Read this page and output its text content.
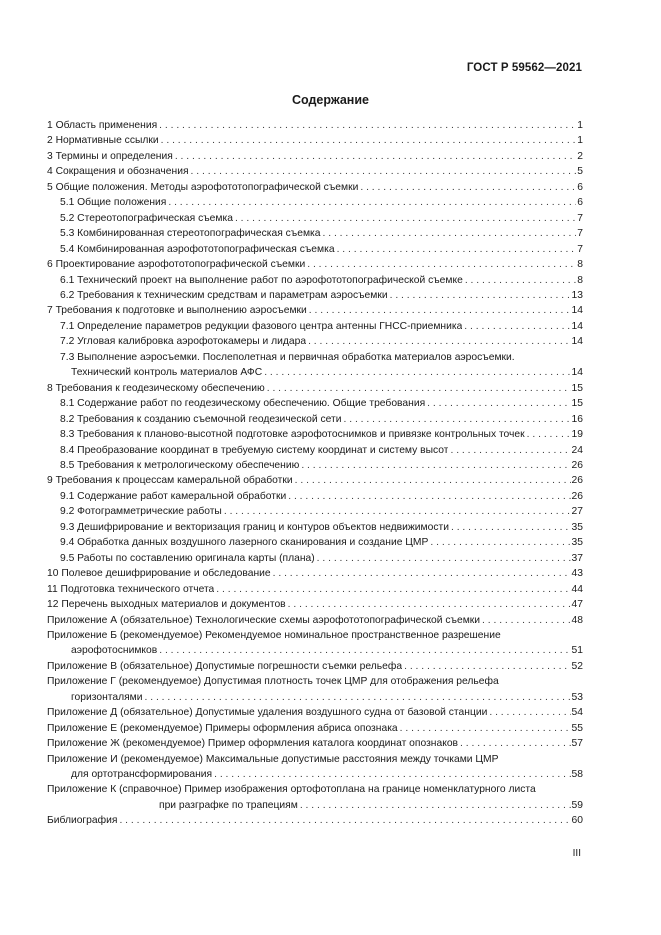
ГОСТ Р 59562—2021
Содержание
1 Область применения . . .	1
2 Нормативные ссылки . . .	1
3 Термины и определения . . .	2
4 Сокращения и обозначения . . .	5
5 Общие положения. Методы аэрофототопографической съемки . . .	6
5.1 Общие положения . . .	6
5.2 Стереотопографическая съемка . . .	7
5.3 Комбинированная стереотопографическая съемка . . .	7
5.4 Комбинированная аэрофототопографическая съемка . . .	7
6 Проектирование аэрофототопографической съемки . . .	8
6.1 Технический проект на выполнение работ по аэрофототопографической съемке . . .	8
6.2 Требования к техническим средствам и параметрам аэросъемки . . .	13
7 Требования к подготовке и выполнению аэросъемки . . .	14
7.1 Определение параметров редукции фазового центра антенны ГНСС-приемника . . .	14
7.2 Угловая калибровка аэрофотокамеры и лидара . . .	14
7.3 Выполнение аэросъемки. Послеполетная и первичная обработка материалов аэросъемки.
Технический контроль материалов АФС . . .	14
8 Требования к геодезическому обеспечению . . .	15
8.1 Содержание работ по геодезическому обеспечению. Общие требования . . .	15
8.2 Требования к созданию съемочной геодезической сети . . .	16
8.3 Требования к планово-высотной подготовке аэрофотоснимков и привязке контрольных точек . . .	19
8.4 Преобразование координат в требуемую систему координат и систему высот . . .	24
8.5 Требования к метрологическому обеспечению . . .	26
9 Требования к процессам камеральной обработки . . .	26
9.1 Содержание работ камеральной обработки . . .	26
9.2 Фотограмметрические работы . . .	27
9.3 Дешифрирование и векторизация границ и контуров объектов недвижимости . . .	35
9.4 Обработка данных воздушного лазерного сканирования и создание ЦМР . . .	35
9.5 Работы по составлению оригинала карты (плана) . . .	37
10 Полевое дешифрирование и обследование . . .	43
11 Подготовка технического отчета . . .	44
12 Перечень выходных материалов и документов . . .	47
Приложение А (обязательное) Технологические схемы аэрофототопографической съемки . . .	48
Приложение Б (рекомендуемое) Рекомендуемое номинальное пространственное разрешение
аэрофотоснимков . . .	51
Приложение В (обязательное) Допустимые погрешности съемки рельефа . . .	52
Приложение Г (рекомендуемое) Допустимая плотность точек ЦМР для отображения рельефа
горизонталями . . .	53
Приложение Д (обязательное) Допустимые удаления воздушного судна от базовой станции . . .	54
Приложение Е (рекомендуемое) Примеры оформления абриса опознака . . .	55
Приложение Ж (рекомендуемое) Пример оформления каталога координат опознаков . . .	57
Приложение И (рекомендуемое) Максимальные допустимые расстояния между точками ЦМР
для ортотрансформирования . . .	58
Приложение К (справочное) Пример изображения ортофотоплана на границе номенклатурного листа
при разграфке по трапециям . . .	59
Библиография . . .	60
III
